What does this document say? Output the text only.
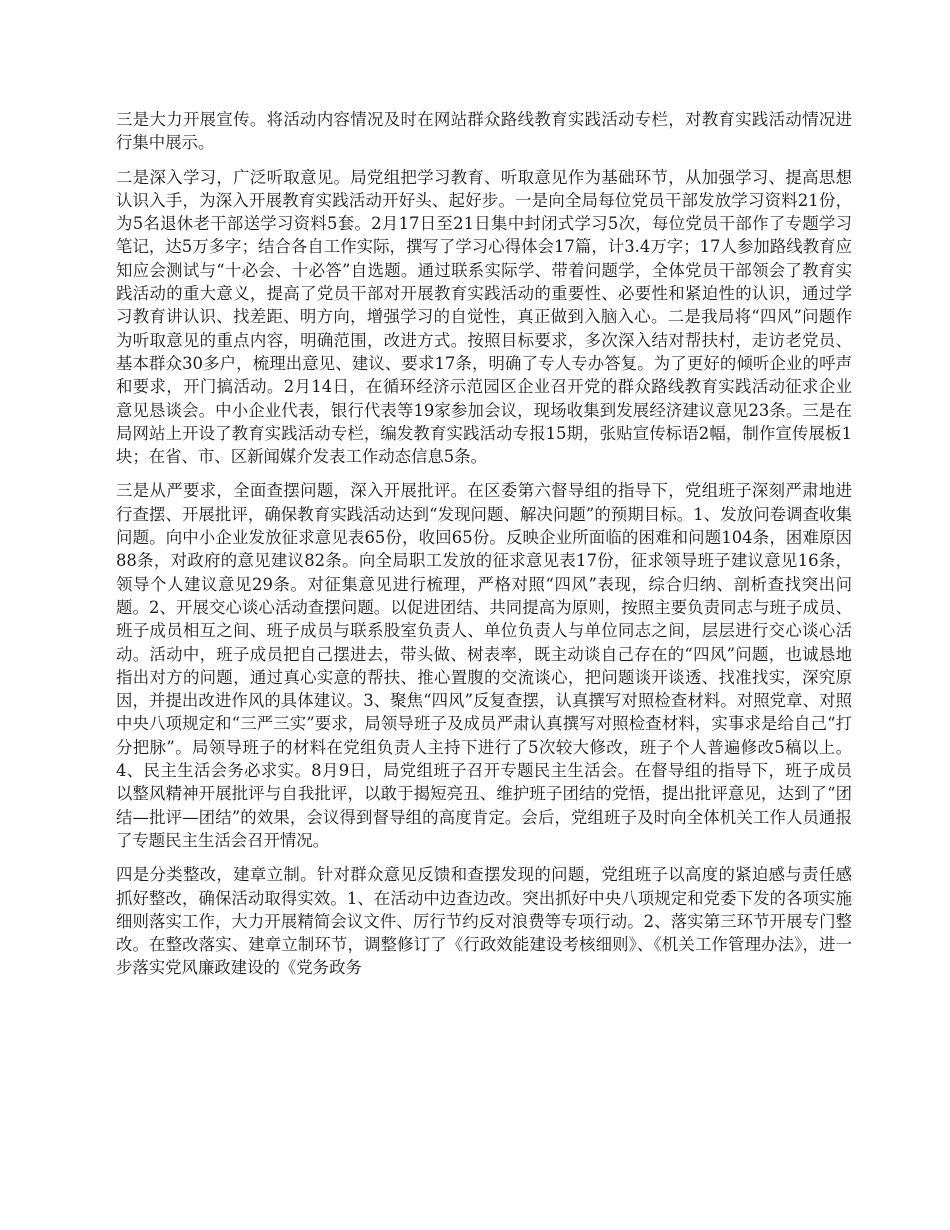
三是大力开展宣传。将活动内容情况及时在网站群众路线教育实践活动专栏，对教育实践活动情况进行集中展示。

二是深入学习，广泛听取意见。局党组把学习教育、听取意见作为基础环节，从加强学习、提高思想认识入手，为深入开展教育实践活动开好头、起好步。一是向全局每位党员干部发放学习资料21份，为5名退休老干部送学习资料5套。2月17日至21日集中封闭式学习5次，每位党员干部作了专题学习笔记，达5万多字；结合各自工作实际，撰写了学习心得体会17篇，计3.4万字；17人参加路线教育应知应会测试与“十必会、十必答”自选题。通过联系实际学、带着问题学，全体党员干部领会了教育实践活动的重大意义，提高了党员干部对开展教育实践活动的重要性、必要性和紧迫性的认识，通过学习教育讲认识、找差距、明方向，增强学习的自觉性，真正做到入脑入心。二是我局将“四风”问题作为听取意见的重点内容，明确范围，改进方式。按照目标要求，多次深入结对帮扶村，走访老党员、基本群众30多户，梳理出意见、建议、要求17条，明确了专人专办答复。为了更好的倾听企业的呼声和要求，开门搞活动。2月14日，在循环经济示范园区企业召开党的群众路线教育实践活动征求企业意见恳谈会。中小企业代表，银行代表等19家参加会议，现场收集到发展经济建议意见23条。三是在局网站上开设了教育实践活动专栏，编发教育实践活动专报15期，张贴宣传标语2幅，制作宣传展板1块；在省、市、区新闻媒介发表工作动态信息5条。

三是从严要求，全面查摆问题，深入开展批评。在区委第六督导组的指导下，党组班子深刻严肃地进行查摆、开展批评，确保教育实践活动达到“发现问题、解决问题”的预期目标。1、发放问卷调查收集问题。向中小企业发放征求意见表65份，收回65份。反映企业所面临的困难和问题104条，困难原因88条，对政府的意见建议82条。向全局职工发放的征求意见表17份，征求领导班子建议意见16条，领导个人建议意见29条。对征集意见进行梳理，严格对照“四风”表现，综合归纳、剖析查找突出问题。2、开展交心谈心活动查摆问题。以促进团结、共同提高为原则，按照主要负责同志与班子成员、班子成员相互之间、班子成员与联系股室负责人、单位负责人与单位同志之间，层层进行交心谈心活动。活动中，班子成员把自己摆进去，带头做、树表率，既主动谈自己存在的“四风”问题，也诚恳地指出对方的问题，通过真心实意的帮扶、推心置腹的交流谈心，把问题谈开谈透、找准找实，深究原因，并提出改进作风的具体建议。3、聚焦“四风”反复查摆，认真撰写对照检查材料。对照党章、对照中央八项规定和“三严三实”要求，局领导班子及成员严肃认真撰写对照检查材料，实事求是给自己“打分把脉”。局领导班子的材料在党组负责人主持下进行了5次较大修改，班子个人普遍修改5稿以上。4、民主生活会务必求实。8月9日，局党组班子召开专题民主生活会。在督导组的指导下，班子成员以整风精神开展批评与自我批评，以敢于揭短亮丑、维护班子团结的党悟，提出批评意见，达到了“团结—批评—团结”的效果，会议得到督导组的高度肯定。会后，党组班子及时向全体机关工作人员通报了专题民主生活会召开情况。

四是分类整改，建章立制。针对群众意见反馈和查摆发现的问题，党组班子以高度的紧迫感与责任感抓好整改，确保活动取得实效。1、在活动中边查边改。突出抓好中央八项规定和党委下发的各项实施细则落实工作，大力开展精简会议文件、厉行节约反对浪费等专项行动。2、落实第三环节开展专门整改。在整改落实、建章立制环节，调整修订了《行政效能建设考核细则》、《机关工作管理办法》，进一步落实党风廉政建设的《党务政务
